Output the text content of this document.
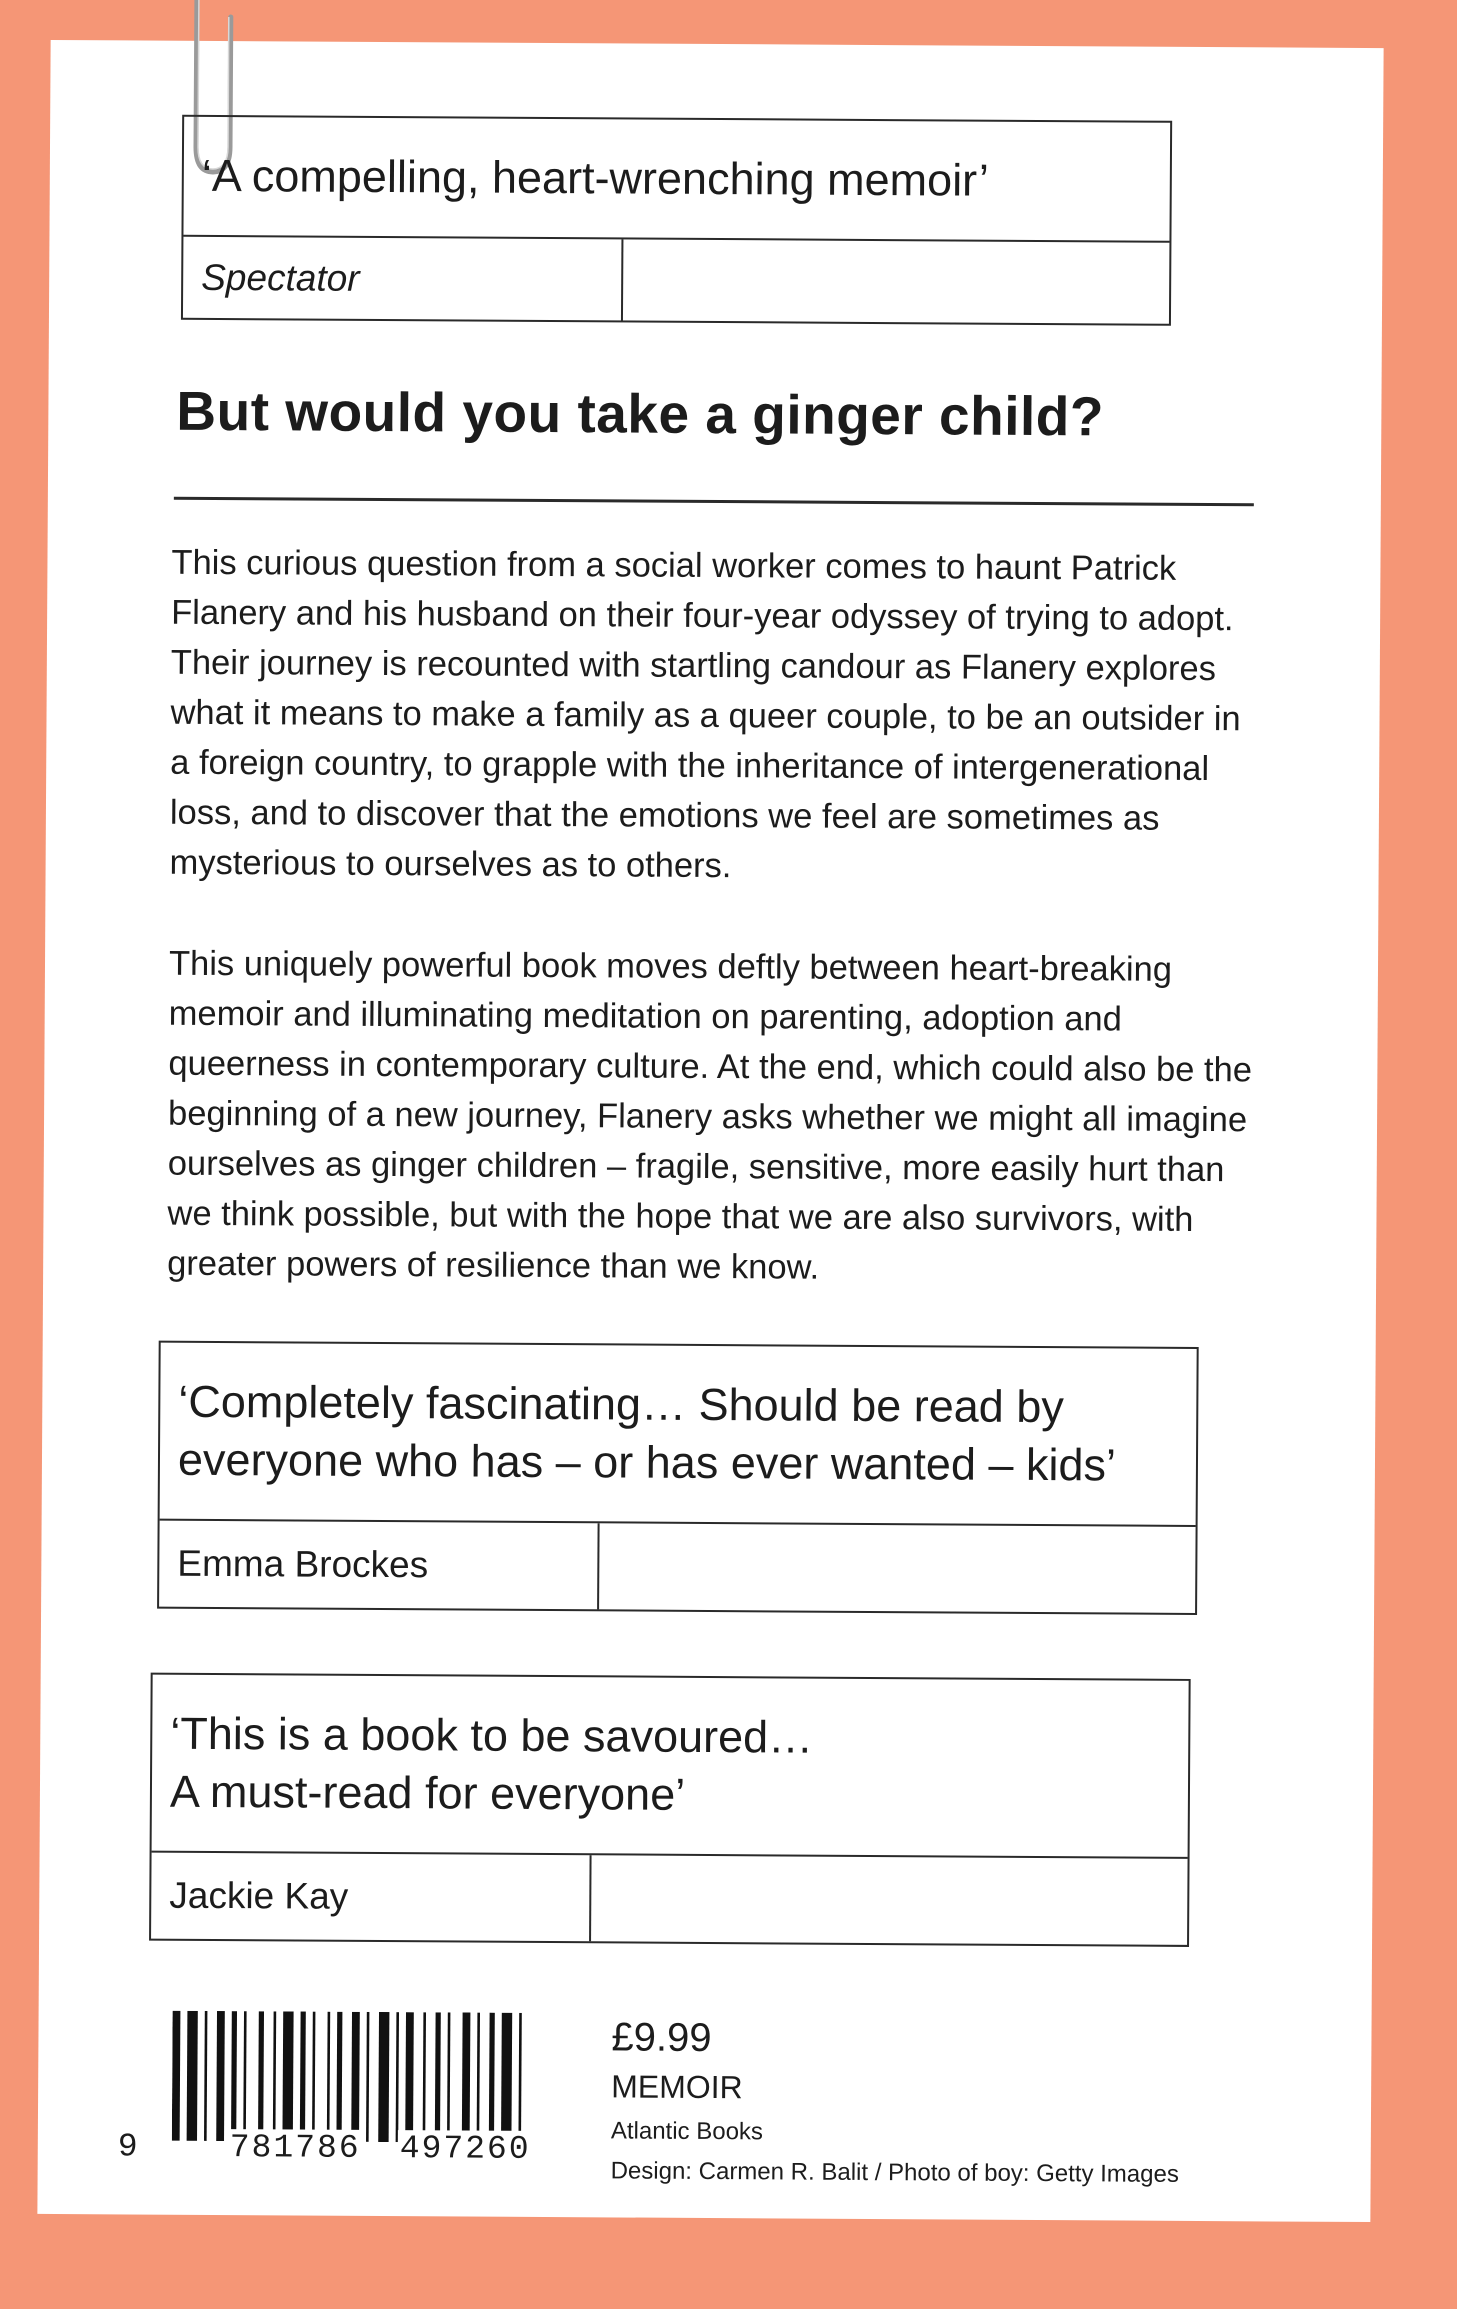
‘A compelling, heart-wrenching memoir’
Spectator
But would you take a ginger child?

This curious question from a social worker comes to haunt Patrick Flanery and his husband on their four-year odyssey of trying to adopt. Their journey is recounted with startling candour as Flanery explores what it means to make a family as a queer couple, to be an outsider in a foreign country, to grapple with the inheritance of intergenerational loss, and to discover that the emotions we feel are sometimes as mysterious to ourselves as to others.

This uniquely powerful book moves deftly between heart-breaking memoir and illuminating meditation on parenting, adoption and queerness in contemporary culture. At the end, which could also be the beginning of a new journey, Flanery asks whether we might all imagine ourselves as ginger children – fragile, sensitive, more easily hurt than we think possible, but with the hope that we are also survivors, with greater powers of resilience than we know.

‘Completely fascinating… Should be read by
everyone who has – or has ever wanted – kids’
Emma Brockes
‘This is a book to be savoured…
A must-read for everyone’
Jackie Kay
9	781786 497260

£9.99

MEMOIR

Atlantic Books

Design: Carmen R. Balit / Photo of boy: Getty Images
